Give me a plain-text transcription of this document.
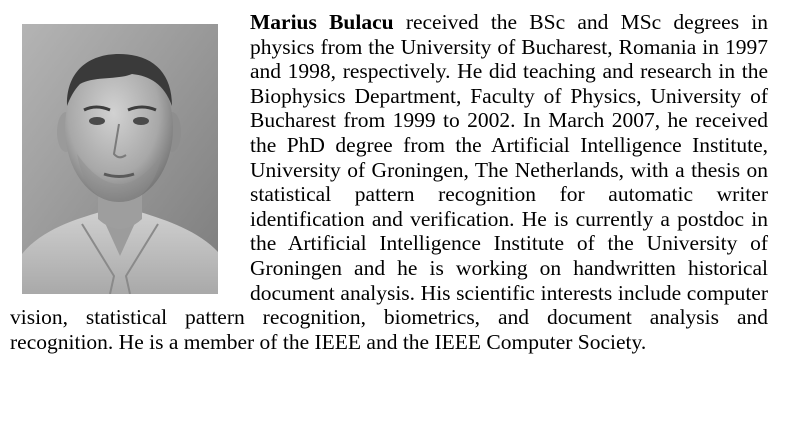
Marius Bulacu received the BSc and MSc degrees in physics from the University of Bucharest, Romania in 1997 and 1998, respectively. He did teaching and research in the Biophysics Department, Faculty of Physics, University of Bucharest from 1999 to 2002. In March 2007, he received the PhD degree from the Artificial Intelligence Institute, University of Groningen, The Netherlands, with a thesis on statistical pattern recognition for automatic writer identification and verification. He is currently a postdoc in the Artificial Intelligence Institute of the University of Groningen and he is working on handwritten historical document analysis. His scientific interests include computer vision, statistical pattern recognition, biometrics, and document analysis and recognition. He is a member of the IEEE and the IEEE Computer Society.
